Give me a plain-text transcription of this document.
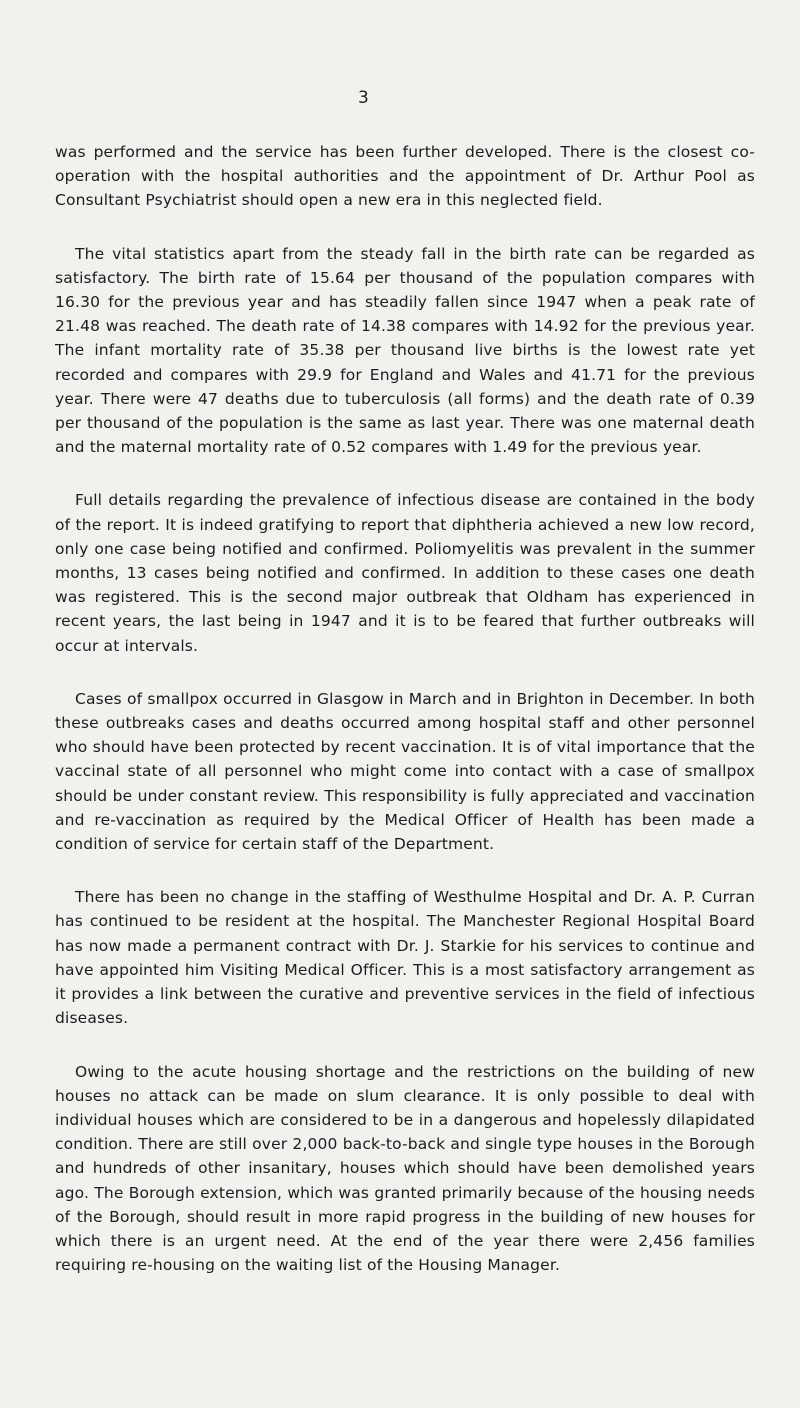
3

was performed and the service has been further developed. There is the closest co-operation with the hospital authorities and the appointment of Dr. Arthur Pool as Consultant Psychiatrist should open a new era in this neglected field.

The vital statistics apart from the steady fall in the birth rate can be regarded as satisfactory. The birth rate of 15.64 per thousand of the population compares with 16.30 for the previous year and has steadily fallen since 1947 when a peak rate of 21.48 was reached. The death rate of 14.38 compares with 14.92 for the previous year. The infant mortality rate of 35.38 per thousand live births is the lowest rate yet recorded and compares with 29.9 for England and Wales and 41.71 for the previous year. There were 47 deaths due to tuberculosis (all forms) and the death rate of 0.39 per thousand of the population is the same as last year. There was one maternal death and the maternal mortality rate of 0.52 compares with 1.49 for the previous year.

Full details regarding the prevalence of infectious disease are contained in the body of the report. It is indeed gratifying to report that diphtheria achieved a new low record, only one case being notified and confirmed. Poliomyelitis was prevalent in the summer months, 13 cases being notified and confirmed. In addition to these cases one death was registered. This is the second major outbreak that Oldham has experienced in recent years, the last being in 1947 and it is to be feared that further outbreaks will occur at intervals.

Cases of smallpox occurred in Glasgow in March and in Brighton in December. In both these outbreaks cases and deaths occurred among hospital staff and other personnel who should have been protected by recent vaccination. It is of vital importance that the vaccinal state of all personnel who might come into contact with a case of smallpox should be under constant review. This responsibility is fully appreciated and vaccination and re-vaccination as required by the Medical Officer of Health has been made a condition of service for certain staff of the Department.

There has been no change in the staffing of Westhulme Hospital and Dr. A. P. Curran has continued to be resident at the hospital. The Manchester Regional Hospital Board has now made a permanent contract with Dr. J. Starkie for his services to continue and have appointed him Visiting Medical Officer. This is a most satisfactory arrangement as it provides a link between the curative and preventive services in the field of infectious diseases.

Owing to the acute housing shortage and the restrictions on the building of new houses no attack can be made on slum clearance. It is only possible to deal with individual houses which are considered to be in a dangerous and hopelessly dilapidated condition. There are still over 2,000 back-to-back and single type houses in the Borough and hundreds of other insanitary, houses which should have been demolished years ago. The Borough extension, which was granted primarily because of the housing needs of the Borough, should result in more rapid progress in the building of new houses for which there is an urgent need. At the end of the year there were 2,456 families requiring re-housing on the waiting list of the Housing Manager.
